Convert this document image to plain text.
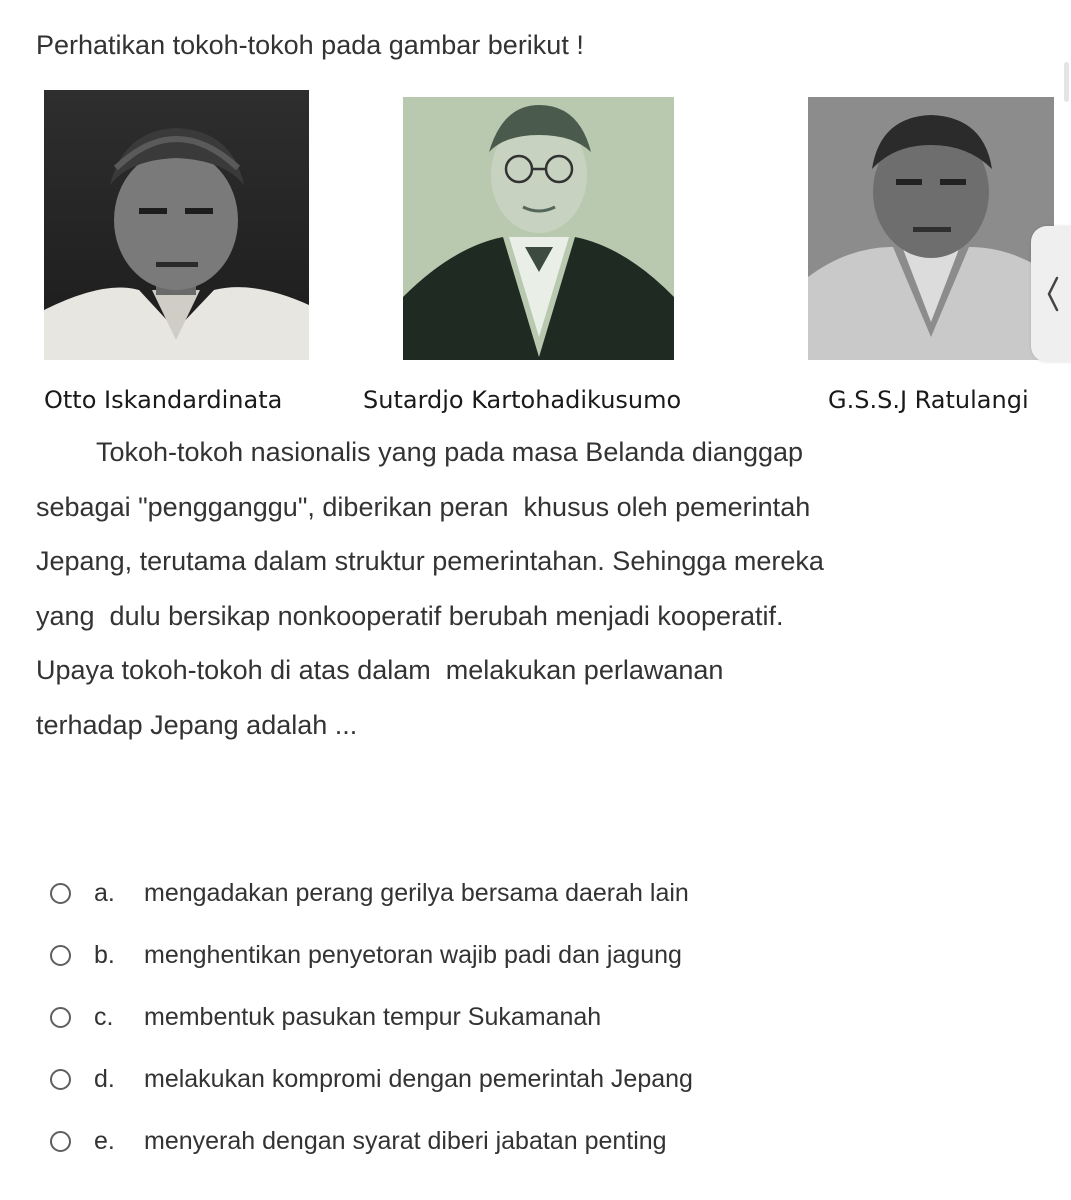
Perhatikan tokoh-tokoh pada gambar berikut !
Otto Iskandardinata	Sutardjo Kartohadikusumo	G.S.S.J Ratulangi
Tokoh-tokoh nasionalis yang pada masa Belanda dianggap sebagai "pengganggu", diberikan peran  khusus oleh pemerintah Jepang, terutama dalam struktur pemerintahan. Sehingga mereka yang  dulu bersikap nonkooperatif berubah menjadi kooperatif. Upaya tokoh-tokoh di atas dalam  melakukan perlawanan terhadap Jepang adalah ...
a. mengadakan perang gerilya bersama daerah lain
b. menghentikan penyetoran wajib padi dan jagung
c. membentuk pasukan tempur Sukamanah
d. melakukan kompromi dengan pemerintah Jepang
e. menyerah dengan syarat diberi jabatan penting
